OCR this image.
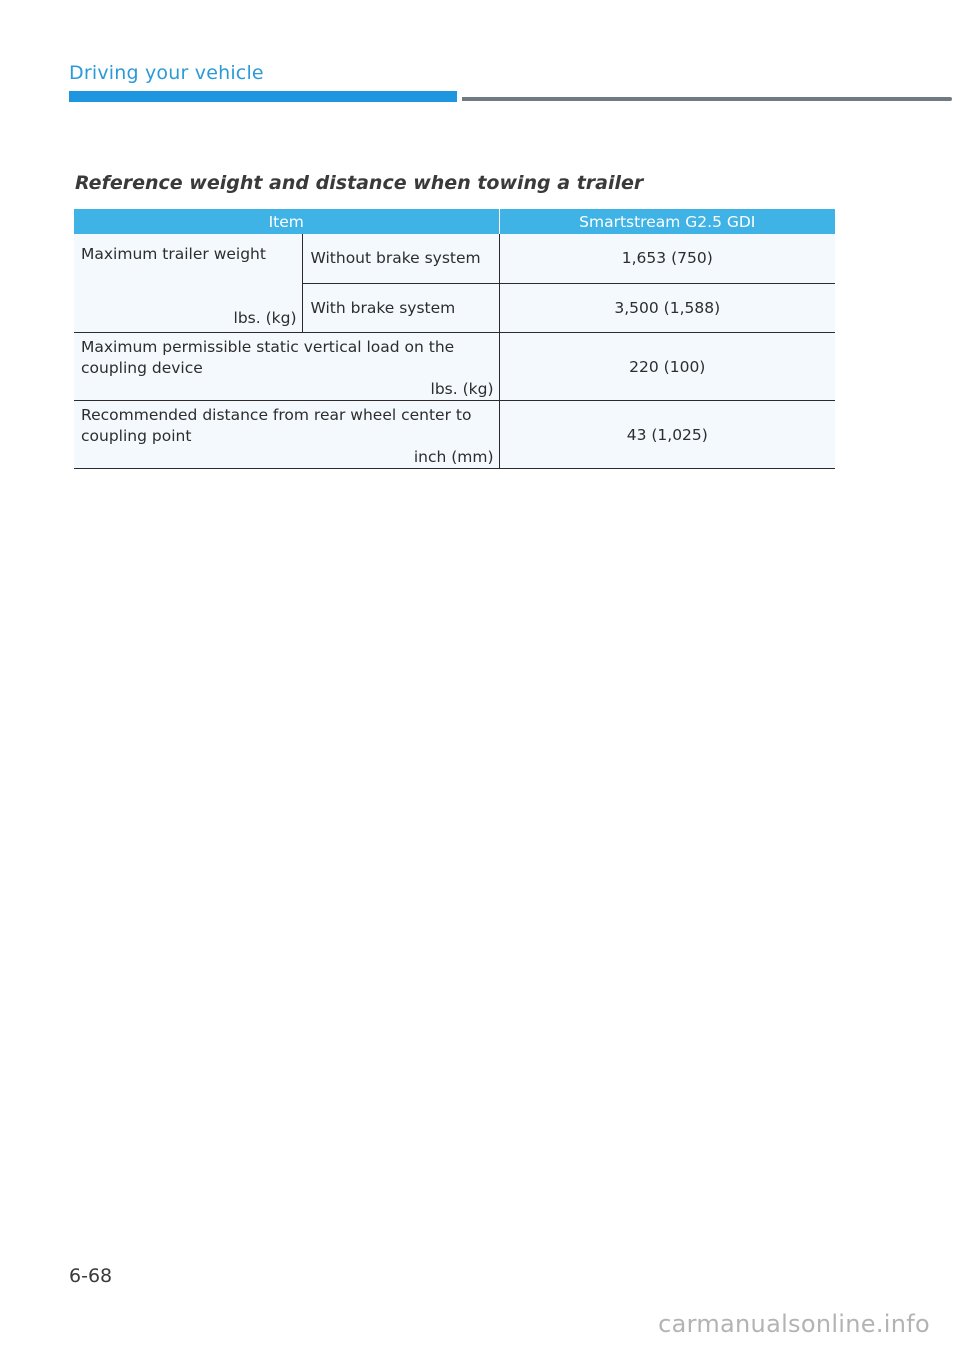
Driving your vehicle
Reference weight and distance when towing a trailer
Item		Smartstream G2.5 GDI

Maximum trailer weight
lbs. (kg)	Without brake system	1,653 (750)
	With brake system	3,500 (1,588)

Maximum permissible static vertical load on the coupling device
lbs. (kg)		220 (100)

Recommended distance from rear wheel center to coupling point
inch (mm)		43 (1,025)
6-68
carmanualsonline.info
